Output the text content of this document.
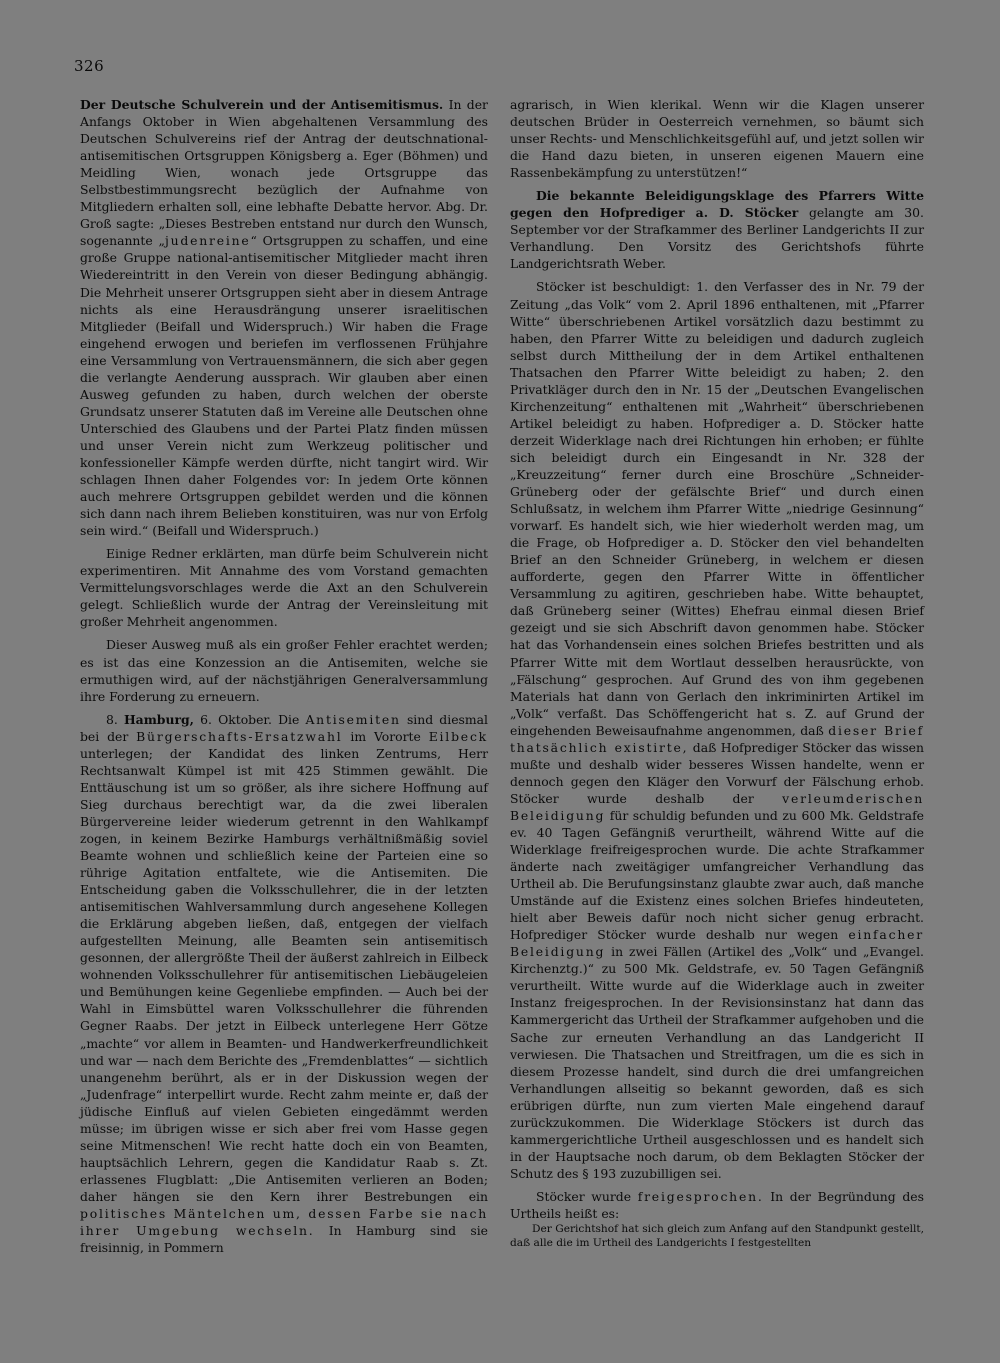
326

Der Deutsche Schulverein und der Antisemitismus. In der Anfangs Oktober in Wien abgehaltenen Versammlung des Deutschen Schulvereins rief der Antrag der deutschnational-antisemitischen Ortsgruppen Königsberg a. Eger (Böhmen) und Meidling Wien, wonach jede Ortsgruppe das Selbstbestimmungsrecht bezüglich der Aufnahme von Mitgliedern erhalten soll, eine lebhafte Debatte hervor. Abg. Dr. Groß sagte: „Dieses Bestreben entstand nur durch den Wunsch, sogenannte „judenreine“ Ortsgruppen zu schaffen, und eine große Gruppe national-antisemitischer Mitglieder macht ihren Wiedereintritt in den Verein von dieser Bedingung abhängig. Die Mehrheit unserer Ortsgruppen sieht aber in diesem Antrage nichts als eine Herausdrängung unserer israelitischen Mitglieder (Beifall und Widerspruch.) Wir haben die Frage eingehend erwogen und beriefen im verflossenen Frühjahre eine Versammlung von Vertrauensmännern, die sich aber gegen die verlangte Aenderung aussprach. Wir glauben aber einen Ausweg gefunden zu haben, durch welchen der oberste Grundsatz unserer Statuten daß im Vereine alle Deutschen ohne Unterschied des Glaubens und der Partei Platz finden müssen und unser Verein nicht zum Werkzeug politischer und konfessioneller Kämpfe werden dürfte, nicht tangirt wird. Wir schlagen Ihnen daher Folgendes vor: In jedem Orte können auch mehrere Ortsgruppen gebildet werden und die können sich dann nach ihrem Belieben konstituiren, was nur von Erfolg sein wird.“ (Beifall und Widerspruch.)

Einige Redner erklärten, man dürfe beim Schulverein nicht experimentiren. Mit Annahme des vom Vorstand gemachten Vermittelungsvorschlages werde die Axt an den Schulverein gelegt. Schließlich wurde der Antrag der Vereinsleitung mit großer Mehrheit angenommen.

Dieser Ausweg muß als ein großer Fehler erachtet werden; es ist das eine Konzession an die Antisemiten, welche sie ermuthigen wird, auf der nächstjährigen Generalversammlung ihre Forderung zu erneuern.

8. Hamburg, 6. Oktober. Die Antisemiten sind diesmal bei der Bürgerschafts-Ersatzwahl im Vororte Eilbeck unterlegen; der Kandidat des linken Zentrums, Herr Rechtsanwalt Kümpel ist mit 425 Stimmen gewählt. Die Enttäuschung ist um so größer, als ihre sichere Hoffnung auf Sieg durchaus berechtigt war, da die zwei liberalen Bürgervereine leider wiederum getrennt in den Wahlkampf zogen, in keinem Bezirke Hamburgs verhältnißmäßig soviel Beamte wohnen und schließlich keine der Parteien eine so rührige Agitation entfaltete, wie die Antisemiten. Die Entscheidung gaben die Volksschullehrer, die in der letzten antisemitischen Wahlversammlung durch angesehene Kollegen die Erklärung abgeben ließen, daß, entgegen der vielfach aufgestellten Meinung, alle Beamten sein antisemitisch gesonnen, der allergrößte Theil der äußerst zahlreich in Eilbeck wohnenden Volksschullehrer für antisemitischen Liebäugeleien und Bemühungen keine Gegenliebe empfinden. — Auch bei der Wahl in Eimsbüttel waren Volksschullehrer die führenden Gegner Raabs. Der jetzt in Eilbeck unterlegene Herr Götze „machte“ vor allem in Beamten- und Handwerkerfreundlichkeit und war — nach dem Berichte des „Fremdenblattes“ — sichtlich unangenehm berührt, als er in der Diskussion wegen der „Judenfrage“ interpellirt wurde. Recht zahm meinte er, daß der jüdische Einfluß auf vielen Gebieten eingedämmt werden müsse; im übrigen wisse er sich aber frei vom Hasse gegen seine Mitmenschen! Wie recht hatte doch ein von Beamten, hauptsächlich Lehrern, gegen die Kandidatur Raab s. Zt. erlassenes Flugblatt: „Die Antisemiten verlieren an Boden; daher hängen sie den Kern ihrer Bestrebungen ein politisches Mäntelchen um, dessen Farbe sie nach ihrer Umgebung wechseln. In Hamburg sind sie freisinnig, in Pommern

agrarisch, in Wien klerikal. Wenn wir die Klagen unserer deutschen Brüder in Oesterreich vernehmen, so bäumt sich unser Rechts- und Menschlichkeitsgefühl auf, und jetzt sollen wir die Hand dazu bieten, in unseren eigenen Mauern eine Rassenbekämpfung zu unterstützen!“

Die bekannte Beleidigungsklage des Pfarrers Witte gegen den Hofprediger a. D. Stöcker gelangte am 30. September vor der Strafkammer des Berliner Landgerichts II zur Verhandlung. Den Vorsitz des Gerichtshofs führte Landgerichtsrath Weber.

Stöcker ist beschuldigt: 1. den Verfasser des in Nr. 79 der Zeitung „das Volk“ vom 2. April 1896 enthaltenen, mit „Pfarrer Witte“ überschriebenen Artikel vorsätzlich dazu bestimmt zu haben, den Pfarrer Witte zu beleidigen und dadurch zugleich selbst durch Mittheilung der in dem Artikel enthaltenen Thatsachen den Pfarrer Witte beleidigt zu haben; 2. den Privatkläger durch den in Nr. 15 der „Deutschen Evangelischen Kirchenzeitung“ enthaltenen mit „Wahrheit“ überschriebenen Artikel beleidigt zu haben. Hofprediger a. D. Stöcker hatte derzeit Widerklage nach drei Richtungen hin erhoben; er fühlte sich beleidigt durch ein Eingesandt in Nr. 328 der „Kreuzzeitung“ ferner durch eine Broschüre „Schneider-Grüneberg oder der gefälschte Brief“ und durch einen Schlußsatz, in welchem ihm Pfarrer Witte „niedrige Gesinnung“ vorwarf. Es handelt sich, wie hier wiederholt werden mag, um die Frage, ob Hofprediger a. D. Stöcker den viel behandelten Brief an den Schneider Grüneberg, in welchem er diesen aufforderte, gegen den Pfarrer Witte in öffentlicher Versammlung zu agitiren, geschrieben habe. Witte behauptet, daß Grüneberg seiner (Wittes) Ehefrau einmal diesen Brief gezeigt und sie sich Abschrift davon genommen habe. Stöcker hat das Vorhandensein eines solchen Briefes bestritten und als Pfarrer Witte mit dem Wortlaut desselben herausrückte, von „Fälschung“ gesprochen. Auf Grund des von ihm gegebenen Materials hat dann von Gerlach den inkriminirten Artikel im „Volk“ verfaßt. Das Schöffengericht hat s. Z. auf Grund der eingehenden Beweisaufnahme angenommen, daß dieser Brief thatsächlich existirte, daß Hofprediger Stöcker das wissen mußte und deshalb wider besseres Wissen handelte, wenn er dennoch gegen den Kläger den Vorwurf der Fälschung erhob. Stöcker wurde deshalb der verleumderischen Beleidigung für schuldig befunden und zu 600 Mk. Geldstrafe ev. 40 Tagen Gefängniß verurtheilt, während Witte auf die Widerklage freifreigesprochen wurde. Die achte Strafkammer änderte nach zweitägiger umfangreicher Verhandlung das Urtheil ab. Die Berufungsinstanz glaubte zwar auch, daß manche Umstände auf die Existenz eines solchen Briefes hindeuteten, hielt aber Beweis dafür noch nicht sicher genug erbracht. Hofprediger Stöcker wurde deshalb nur wegen einfacher Beleidigung in zwei Fällen (Artikel des „Volk“ und „Evangel. Kirchenztg.)“ zu 500 Mk. Geldstrafe, ev. 50 Tagen Gefängniß verurtheilt. Witte wurde auf die Widerklage auch in zweiter Instanz freigesprochen. In der Revisionsinstanz hat dann das Kammergericht das Urtheil der Strafkammer aufgehoben und die Sache zur erneuten Verhandlung an das Landgericht II verwiesen. Die Thatsachen und Streitfragen, um die es sich in diesem Prozesse handelt, sind durch die drei umfangreichen Verhandlungen allseitig so bekannt geworden, daß es sich erübrigen dürfte, nun zum vierten Male eingehend darauf zurückzukommen. Die Widerklage Stöckers ist durch das kammergerichtliche Urtheil ausgeschlossen und es handelt sich in der Hauptsache noch darum, ob dem Beklagten Stöcker der Schutz des § 193 zuzubilligen sei.

Stöcker wurde freigesprochen. In der Begründung des Urtheils heißt es:

Der Gerichtshof hat sich gleich zum Anfang auf den Standpunkt gestellt, daß alle die im Urtheil des Landgerichts I festgestellten
